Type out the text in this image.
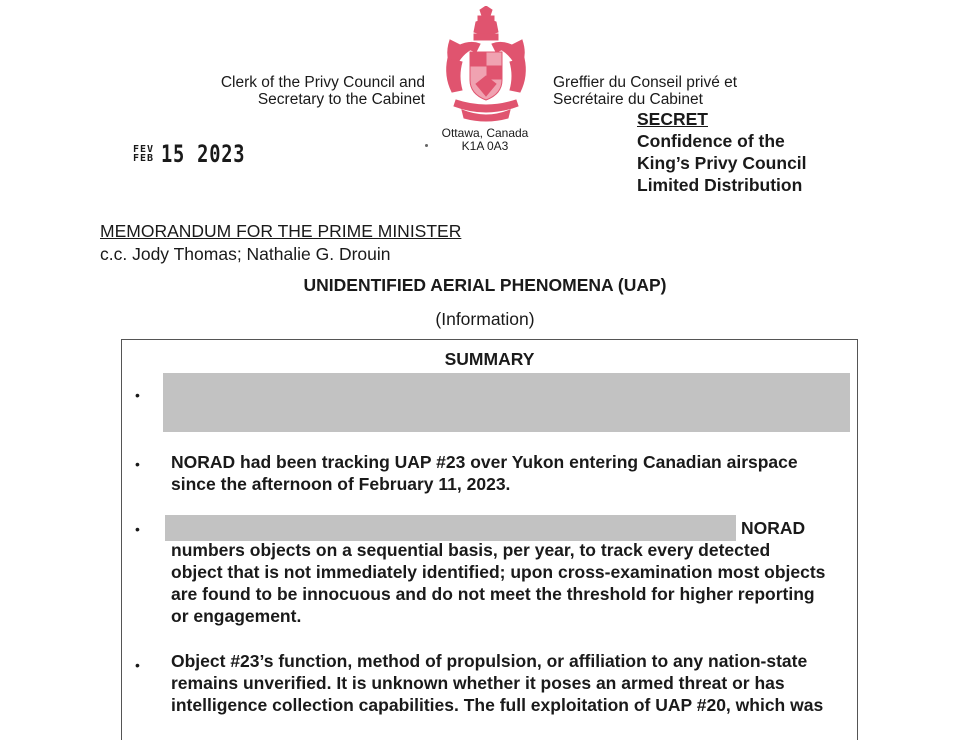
Clerk of the Privy Council and
Secretary to the Cabinet
Greffier du Conseil privé et
Secrétaire du Cabinet
Ottawa, Canada
K1A 0A3
FEV
FEB 15 2023
SECRET
Confidence of the
King’s Privy Council
Limited Distribution
MEMORANDUM FOR THE PRIME MINISTER
c.c. Jody Thomas; Nathalie G. Drouin
UNIDENTIFIED AERIAL PHENOMENA (UAP)
(Information)
SUMMARY
•
• NORAD had been tracking UAP #23 over Yukon entering Canadian airspace
since the afternoon of February 11, 2023.
•	NORAD
numbers objects on a sequential basis, per year, to track every detected
object that is not immediately identified; upon cross-examination most objects
are found to be innocuous and do not meet the threshold for higher reporting
or engagement.
• Object #23’s function, method of propulsion, or affiliation to any nation-state
remains unverified. It is unknown whether it poses an armed threat or has
intelligence collection capabilities. The full exploitation of UAP #20, which was
